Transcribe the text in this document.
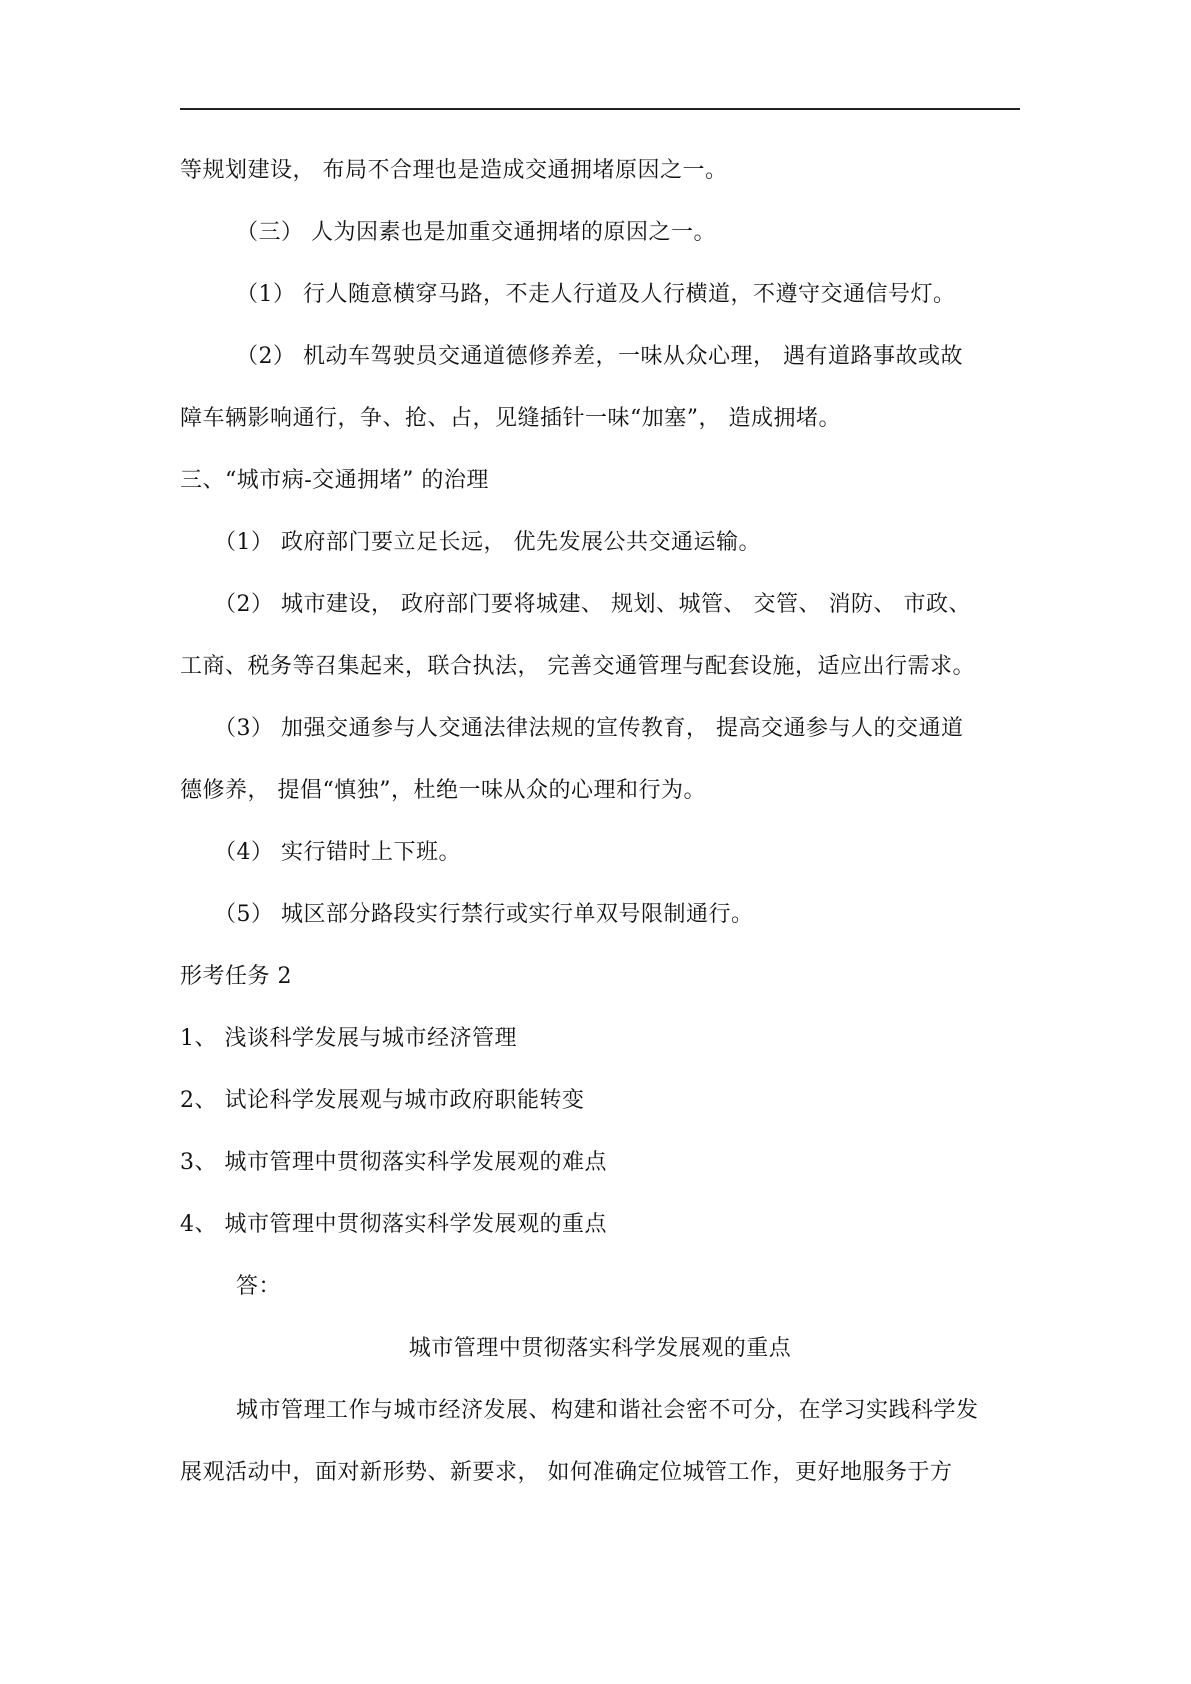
等规划建设， 布局不合理也是造成交通拥堵原因之一。
（三） 人为因素也是加重交通拥堵的原因之一。
（1） 行人随意横穿马路，不走人行道及人行横道，不遵守交通信号灯。
（2） 机动车驾驶员交通道德修养差，一味从众心理， 遇有道路事故或故
障车辆影响通行，争、抢、占，见缝插针一味“加塞”， 造成拥堵。
三、“城市病-交通拥堵” 的治理
（1） 政府部门要立足长远， 优先发展公共交通运输。
（2） 城市建设， 政府部门要将城建、 规划、城管、 交管、 消防、 市政、
工商、税务等召集起来，联合执法， 完善交通管理与配套设施，适应出行需求。
（3） 加强交通参与人交通法律法规的宣传教育， 提高交通参与人的交通道
德修养， 提倡“慎独”，杜绝一味从众的心理和行为。
（4） 实行错时上下班。
（5） 城区部分路段实行禁行或实行单双号限制通行。
形考任务 2
1、 浅谈科学发展与城市经济管理
2、 试论科学发展观与城市政府职能转变
3、 城市管理中贯彻落实科学发展观的难点
4、 城市管理中贯彻落实科学发展观的重点
答：
城市管理中贯彻落实科学发展观的重点
城市管理工作与城市经济发展、构建和谐社会密不可分，在学习实践科学发
展观活动中，面对新形势、新要求， 如何准确定位城管工作，更好地服务于方
